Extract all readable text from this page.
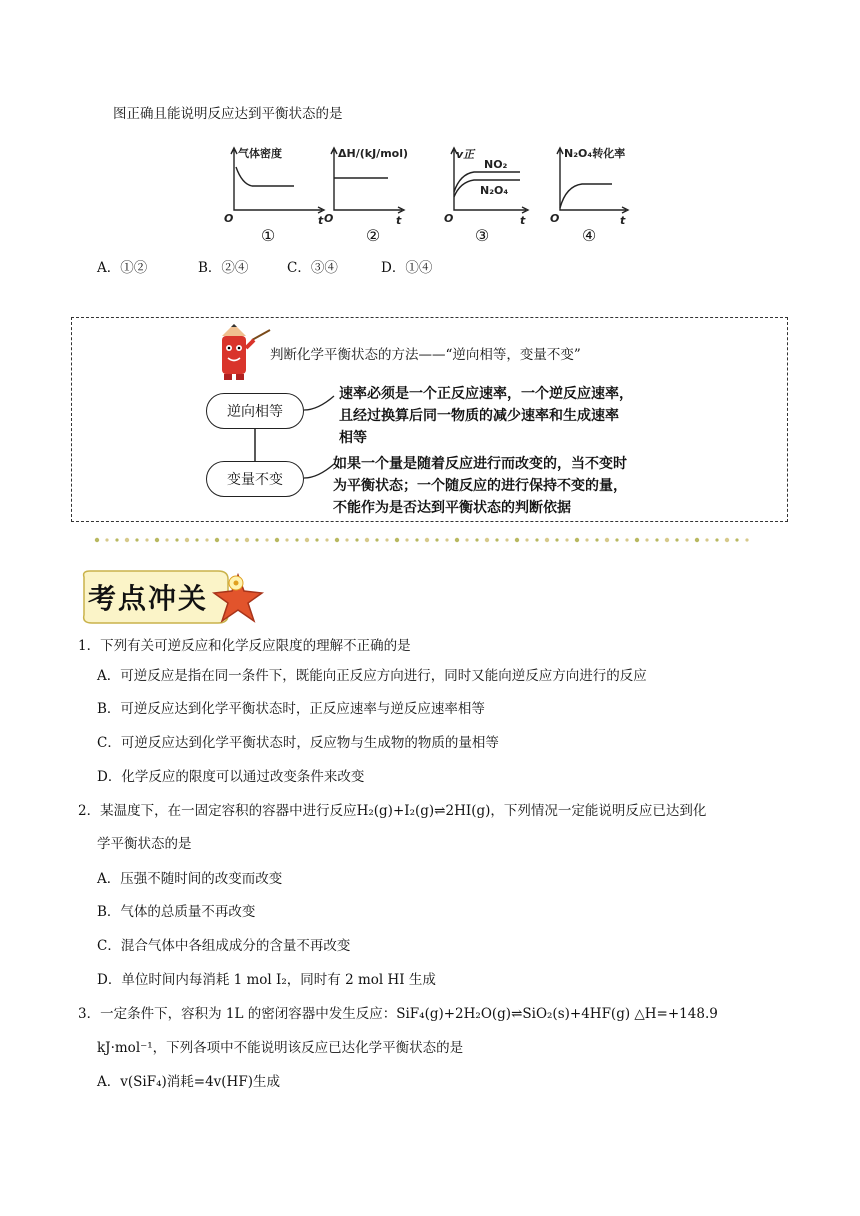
图正确且能说明反应达到平衡状态的是
气体密度
O	t
①
ΔH/(kJ/mol)
O	t
②
v正
NO₂
N₂O₄
O	t
③
N₂O₄转化率
O	t
④
A．①②	B．②④	C．③④	D．①④
判断化学平衡状态的方法——“逆向相等，变量不变”
逆向相等
变量不变
速率必须是一个正反应速率，一个逆反应速率，
且经过换算后同一物质的减少速率和生成速率
相等
如果一个量是随着反应进行而改变的，当不变时
为平衡状态；一个随反应的进行保持不变的量，
不能作为是否达到平衡状态的判断依据
考点冲关
1．下列有关可逆反应和化学反应限度的理解不正确的是
A．可逆反应是指在同一条件下，既能向正反应方向进行，同时又能向逆反应方向进行的反应
B．可逆反应达到化学平衡状态时，正反应速率与逆反应速率相等
C．可逆反应达到化学平衡状态时，反应物与生成物的物质的量相等
D．化学反应的限度可以通过改变条件来改变
2．某温度下，在一固定容积的容器中进行反应H₂(g)+I₂(g)⇌2HI(g)，下列情况一定能说明反应已达到化
学平衡状态的是
A．压强不随时间的改变而改变
B．气体的总质量不再改变
C．混合气体中各组成成分的含量不再改变
D．单位时间内每消耗 1 mol I₂，同时有 2 mol HI 生成
3．一定条件下，容积为 1L 的密闭容器中发生反应：SiF₄(g)+2H₂O(g)⇌SiO₂(s)+4HF(g) △H=+148.9
kJ·mol⁻¹，下列各项中不能说明该反应已达化学平衡状态的是
A．v(SiF₄)消耗=4v(HF)生成
